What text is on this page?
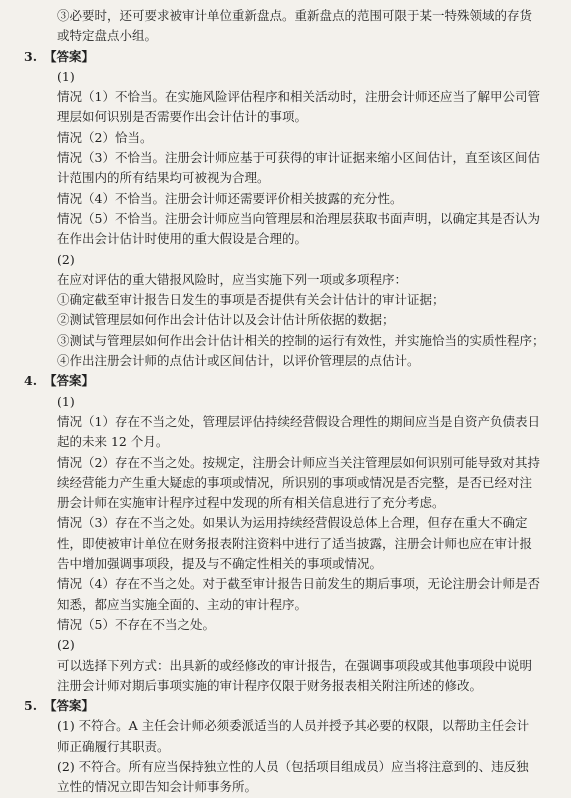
③必要时，还可要求被审计单位重新盘点。重新盘点的范围可限于某一特殊领域的存货
或特定盘点小组。
3. 【答案】
(1)
情况（1）不恰当。在实施风险评估程序和相关活动时，注册会计师还应当了解甲公司管
理层如何识别是否需要作出会计估计的事项。
情况（2）恰当。
情况（3）不恰当。注册会计师应基于可获得的审计证据来缩小区间估计，直至该区间估
计范围内的所有结果均可被视为合理。
情况（4）不恰当。注册会计师还需要评价相关披露的充分性。
情况（5）不恰当。注册会计师应当向管理层和治理层获取书面声明，以确定其是否认为
在作出会计估计时使用的重大假设是合理的。
(2)
在应对评估的重大错报风险时，应当实施下列一项或多项程序：
①确定截至审计报告日发生的事项是否提供有关会计估计的审计证据；
②测试管理层如何作出会计估计以及会计估计所依据的数据；
③测试与管理层如何作出会计估计相关的控制的运行有效性，并实施恰当的实质性程序；
④作出注册会计师的点估计或区间估计，以评价管理层的点估计。
4. 【答案】
(1)
情况（1）存在不当之处，管理层评估持续经营假设合理性的期间应当是自资产负债表日
起的未来 12 个月。
情况（2）存在不当之处。按规定，注册会计师应当关注管理层如何识别可能导致对其持
续经营能力产生重大疑虑的事项或情况，所识别的事项或情况是否完整，是否已经对注
册会计师在实施审计程序过程中发现的所有相关信息进行了充分考虑。
情况（3）存在不当之处。如果认为运用持续经营假设总体上合理，但存在重大不确定
性，即使被审计单位在财务报表附注资料中进行了适当披露，注册会计师也应在审计报
告中增加强调事项段，提及与不确定性相关的事项或情况。
情况（4）存在不当之处。对于截至审计报告日前发生的期后事项，无论注册会计师是否
知悉，都应当实施全面的、主动的审计程序。
情况（5）不存在不当之处。
(2)
可以选择下列方式：出具新的或经修改的审计报告，在强调事项段或其他事项段中说明
注册会计师对期后事项实施的审计程序仅限于财务报表相关附注所述的修改。
5. 【答案】
(1) 不符合。A 主任会计师必须委派适当的人员并授予其必要的权限，以帮助主任会计
师正确履行其职责。
(2) 不符合。所有应当保持独立性的人员（包括项目组成员）应当将注意到的、违反独
立性的情况立即告知会计师事务所。
